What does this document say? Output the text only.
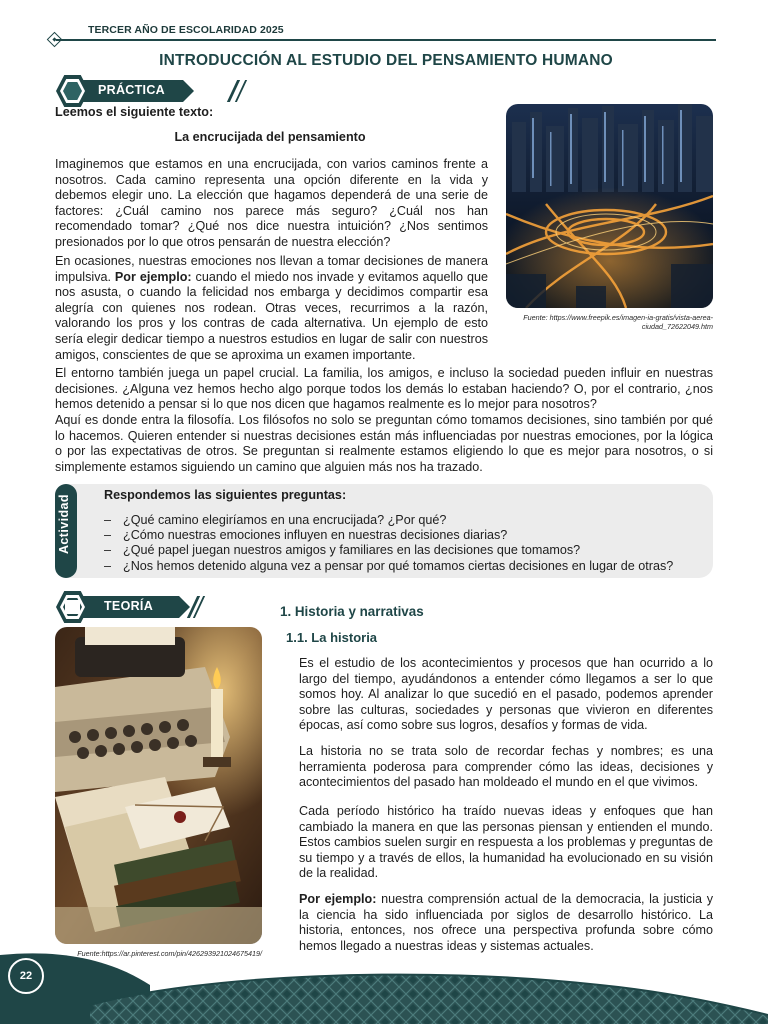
TERCER AÑO DE ESCOLARIDAD 2025
INTRODUCCIÓN AL ESTUDIO DEL PENSAMIENTO HUMANO
PRÁCTICA
Leemos el siguiente texto:
La encrucijada del pensamiento
Imaginemos que estamos en una encrucijada, con varios caminos frente a nosotros. Cada camino representa una opción diferente en la vida y debemos elegir uno. La elección que hagamos dependerá de una serie de factores: ¿Cuál camino nos parece más seguro? ¿Cuál nos han recomendado tomar? ¿Qué nos dice nuestra intuición? ¿Nos sentimos presionados por lo que otros pensarán de nuestra elección?
En ocasiones, nuestras emociones nos llevan a tomar decisiones de manera impulsiva. Por ejemplo: cuando el miedo nos invade y evitamos aquello que nos asusta, o cuando la felicidad nos embarga y decidimos compartir esa alegría con quienes nos rodean. Otras veces, recurrimos a la razón, valorando los pros y los contras de cada alternativa. Un ejemplo de esto sería elegir dedicar tiempo a nuestros estudios en lugar de salir con nuestros amigos, conscientes de que se aproxima un examen importante.
Fuente: https://www.freepik.es/imagen-ia-gratis/vista-aerea-ciudad_72622049.htm
El entorno también juega un papel crucial. La familia, los amigos, e incluso la sociedad pueden influir en nuestras decisiones. ¿Alguna vez hemos hecho algo porque todos los demás lo estaban haciendo? O, por el contrario, ¿nos hemos detenido a pensar si lo que nos dicen que hagamos realmente es lo mejor para nosotros?
Aquí es donde entra la filosofía. Los filósofos no solo se preguntan cómo tomamos decisiones, sino también por qué lo hacemos. Quieren entender si nuestras decisiones están más influenciadas por nuestras emociones, por la lógica o por las expectativas de otros. Se preguntan si realmente estamos eligiendo lo que es mejor para nosotros, o si simplemente estamos siguiendo un camino que alguien más nos ha trazado.
Actividad	Respondemos las siguientes preguntas:
– ¿Qué camino elegiríamos en una encrucijada? ¿Por qué?
– ¿Cómo nuestras emociones influyen en nuestras decisiones diarias?
– ¿Qué papel juegan nuestros amigos y familiares en las decisiones que tomamos?
– ¿Nos hemos detenido alguna vez a pensar por qué tomamos ciertas decisiones en lugar de otras?
TEORÍA	1. Historia y narrativas
1.1. La historia
Fuente:https://ar.pinterest.com/pin/426293921024675419/
Es el estudio de los acontecimientos y procesos que han ocurrido a lo largo del tiempo, ayudándonos a entender cómo llegamos a ser lo que somos hoy. Al analizar lo que sucedió en el pasado, podemos aprender sobre las culturas, sociedades y personas que vivieron en diferentes épocas, así como sobre sus logros, desafíos y formas de vida.
La historia no se trata solo de recordar fechas y nombres; es una herramienta poderosa para comprender cómo las ideas, decisiones y acontecimientos del pasado han moldeado el mundo en el que vivimos.
Cada período histórico ha traído nuevas ideas y enfoques que han cambiado la manera en que las personas piensan y entienden el mundo. Estos cambios suelen surgir en respuesta a los problemas y preguntas de su tiempo y a través de ellos, la humanidad ha evolucionado en su visión de la realidad.
Por ejemplo: nuestra comprensión actual de la democracia, la justicia y la ciencia ha sido influenciada por siglos de desarrollo histórico. La historia, entonces, nos ofrece una perspectiva profunda sobre cómo hemos llegado a nuestras ideas y sistemas actuales.
22
